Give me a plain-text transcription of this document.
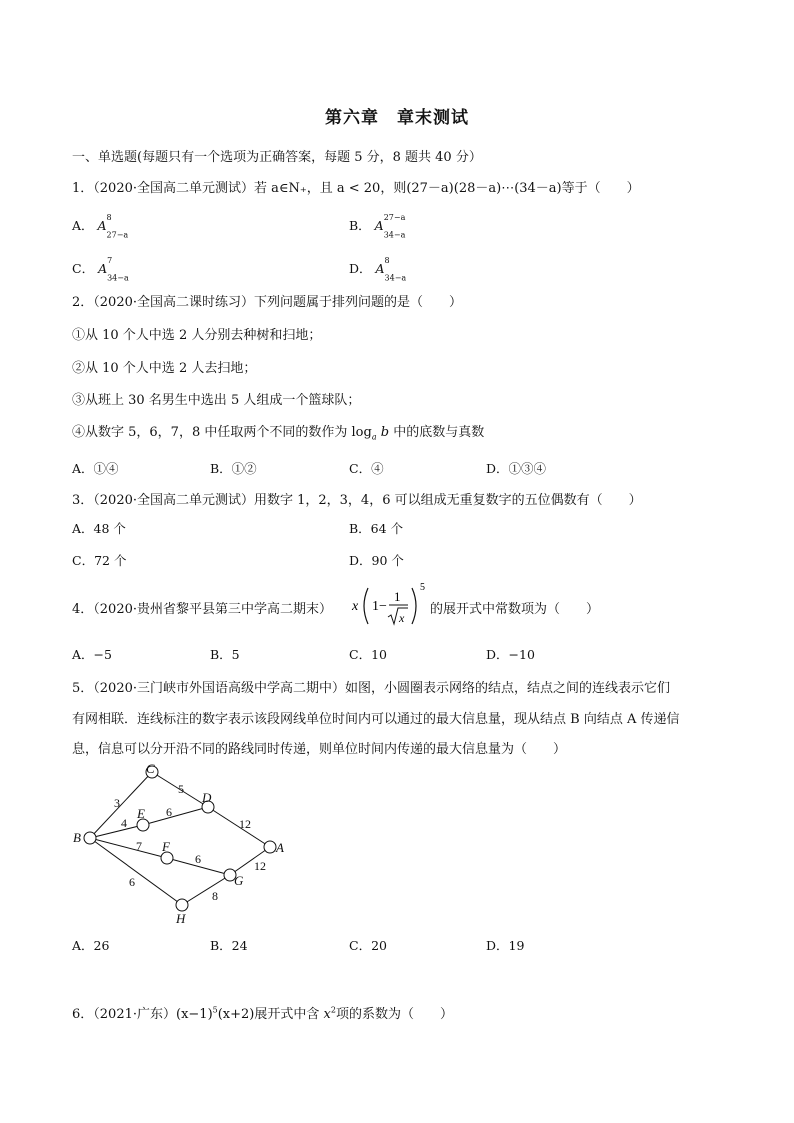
第六章　章末测试
一、单选题(每题只有一个选项为正确答案，每题 5 分，8 题共 40 分）
1．（2020·全国高二单元测试）若 a∈N₊，且 a < 20，则(27－a)(28－a)⋯(34－a)等于（　　）
A． $A^8$
$_{27-a}$
B． $A^{27-a}$
$_{34-a}$
C． $A^7$
$_{34-a}$
D． $A^8$
$_{34-a}$
2．（2020·全国高二课时练习）下列问题属于排列问题的是（　　）
①从 10 个人中选 2 人分别去种树和扫地；
②从 10 个人中选 2 人去扫地；
③从班上 30 名男生中选出 5 人组成一个篮球队；
④从数字 5，6，7，8 中任取两个不同的数作为 $\log_a b$ 中的底数与真数
A．①④	B．①②	C．④	D．①③④
3．（2020·全国高二单元测试）用数字 1，2，3，4，6 可以组成无重复数字的五位偶数有（　　）
A．48 个	B．64 个
C．72 个	D．90 个
4．（2020·贵州省黎平县第三中学高二期末） x 1−
1
x
5
的展开式中常数项为（　　）
A．−5	B．5	C．10	D．−10
5．（2020·三门峡市外国语高级中学高二期中）如图，小圆圈表示网络的结点，结点之间的连线表示它们
有网相联．连线标注的数字表示该段网线单位时间内可以通过的最大信息量，现从结点 B 向结点 A 传递信
息，信息可以分开沿不同的路线同时传递，则单位时间内传递的最大信息量为（　　）
B
C
D
E
F
G
H
A
3
5
4
6
12
7
6	12
6
8
A．26	B．24	C．20	D．19
6．（2021·广东）$(x-1)^5(x+2)$展开式中含 $x^2$项的系数为（　　）
